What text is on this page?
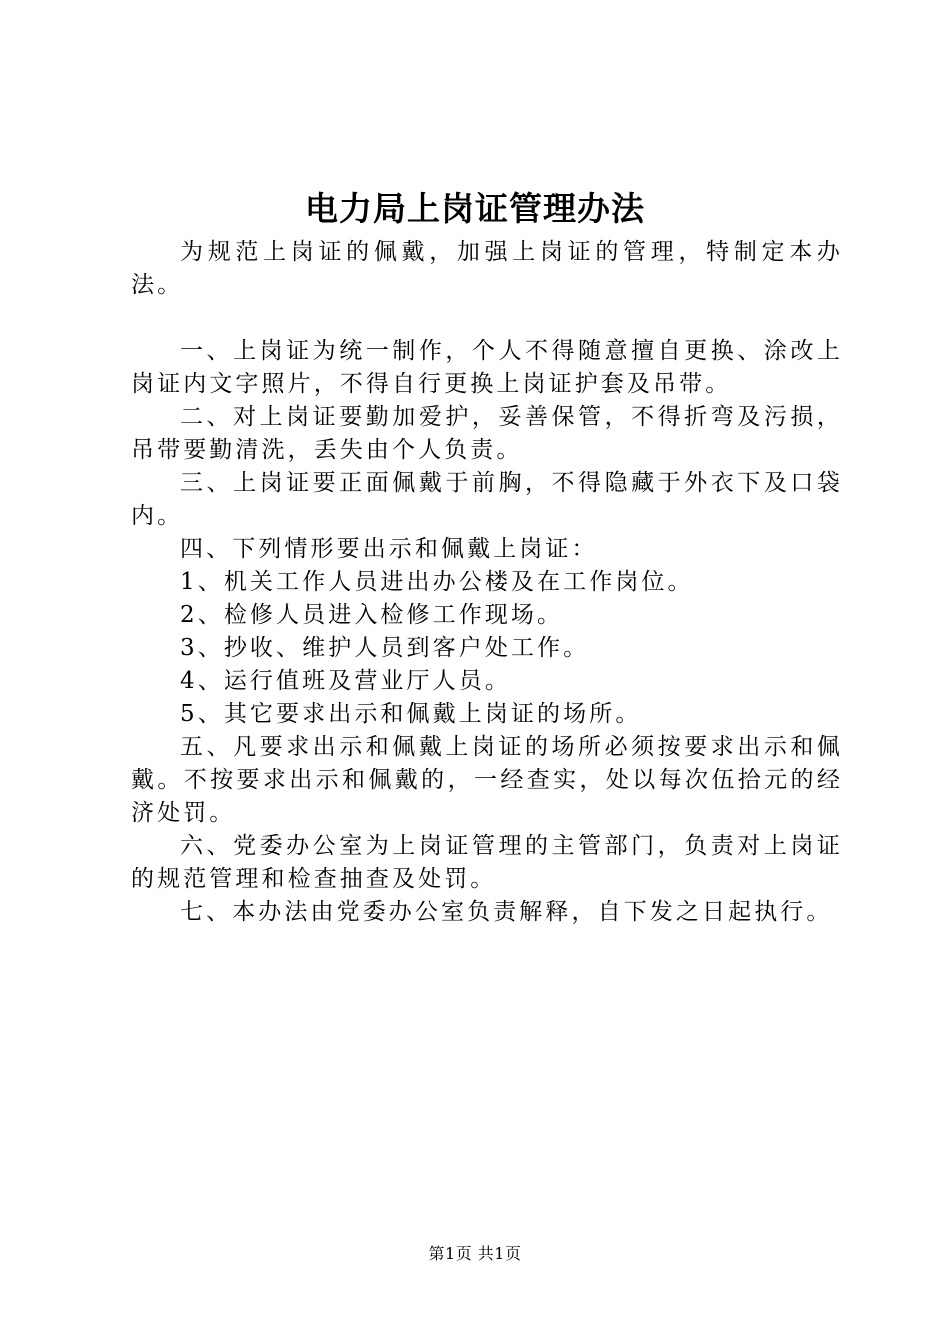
电力局上岗证管理办法

为规范上岗证的佩戴，加强上岗证的管理，特制定本办法。

一、上岗证为统一制作，个人不得随意擅自更换、涂改上岗证内文字照片，不得自行更换上岗证护套及吊带。

二、对上岗证要勤加爱护，妥善保管，不得折弯及污损，吊带要勤清洗，丢失由个人负责。

三、上岗证要正面佩戴于前胸，不得隐藏于外衣下及口袋内。

四、下列情形要出示和佩戴上岗证：

1、机关工作人员进出办公楼及在工作岗位。

2、检修人员进入检修工作现场。

3、抄收、维护人员到客户处工作。

4、运行值班及营业厅人员。

5、其它要求出示和佩戴上岗证的场所。

五、凡要求出示和佩戴上岗证的场所必须按要求出示和佩戴。不按要求出示和佩戴的，一经查实，处以每次伍拾元的经济处罚。

六、党委办公室为上岗证管理的主管部门，负责对上岗证的规范管理和检查抽查及处罚。

七、本办法由党委办公室负责解释，自下发之日起执行。

第1页 共1页
